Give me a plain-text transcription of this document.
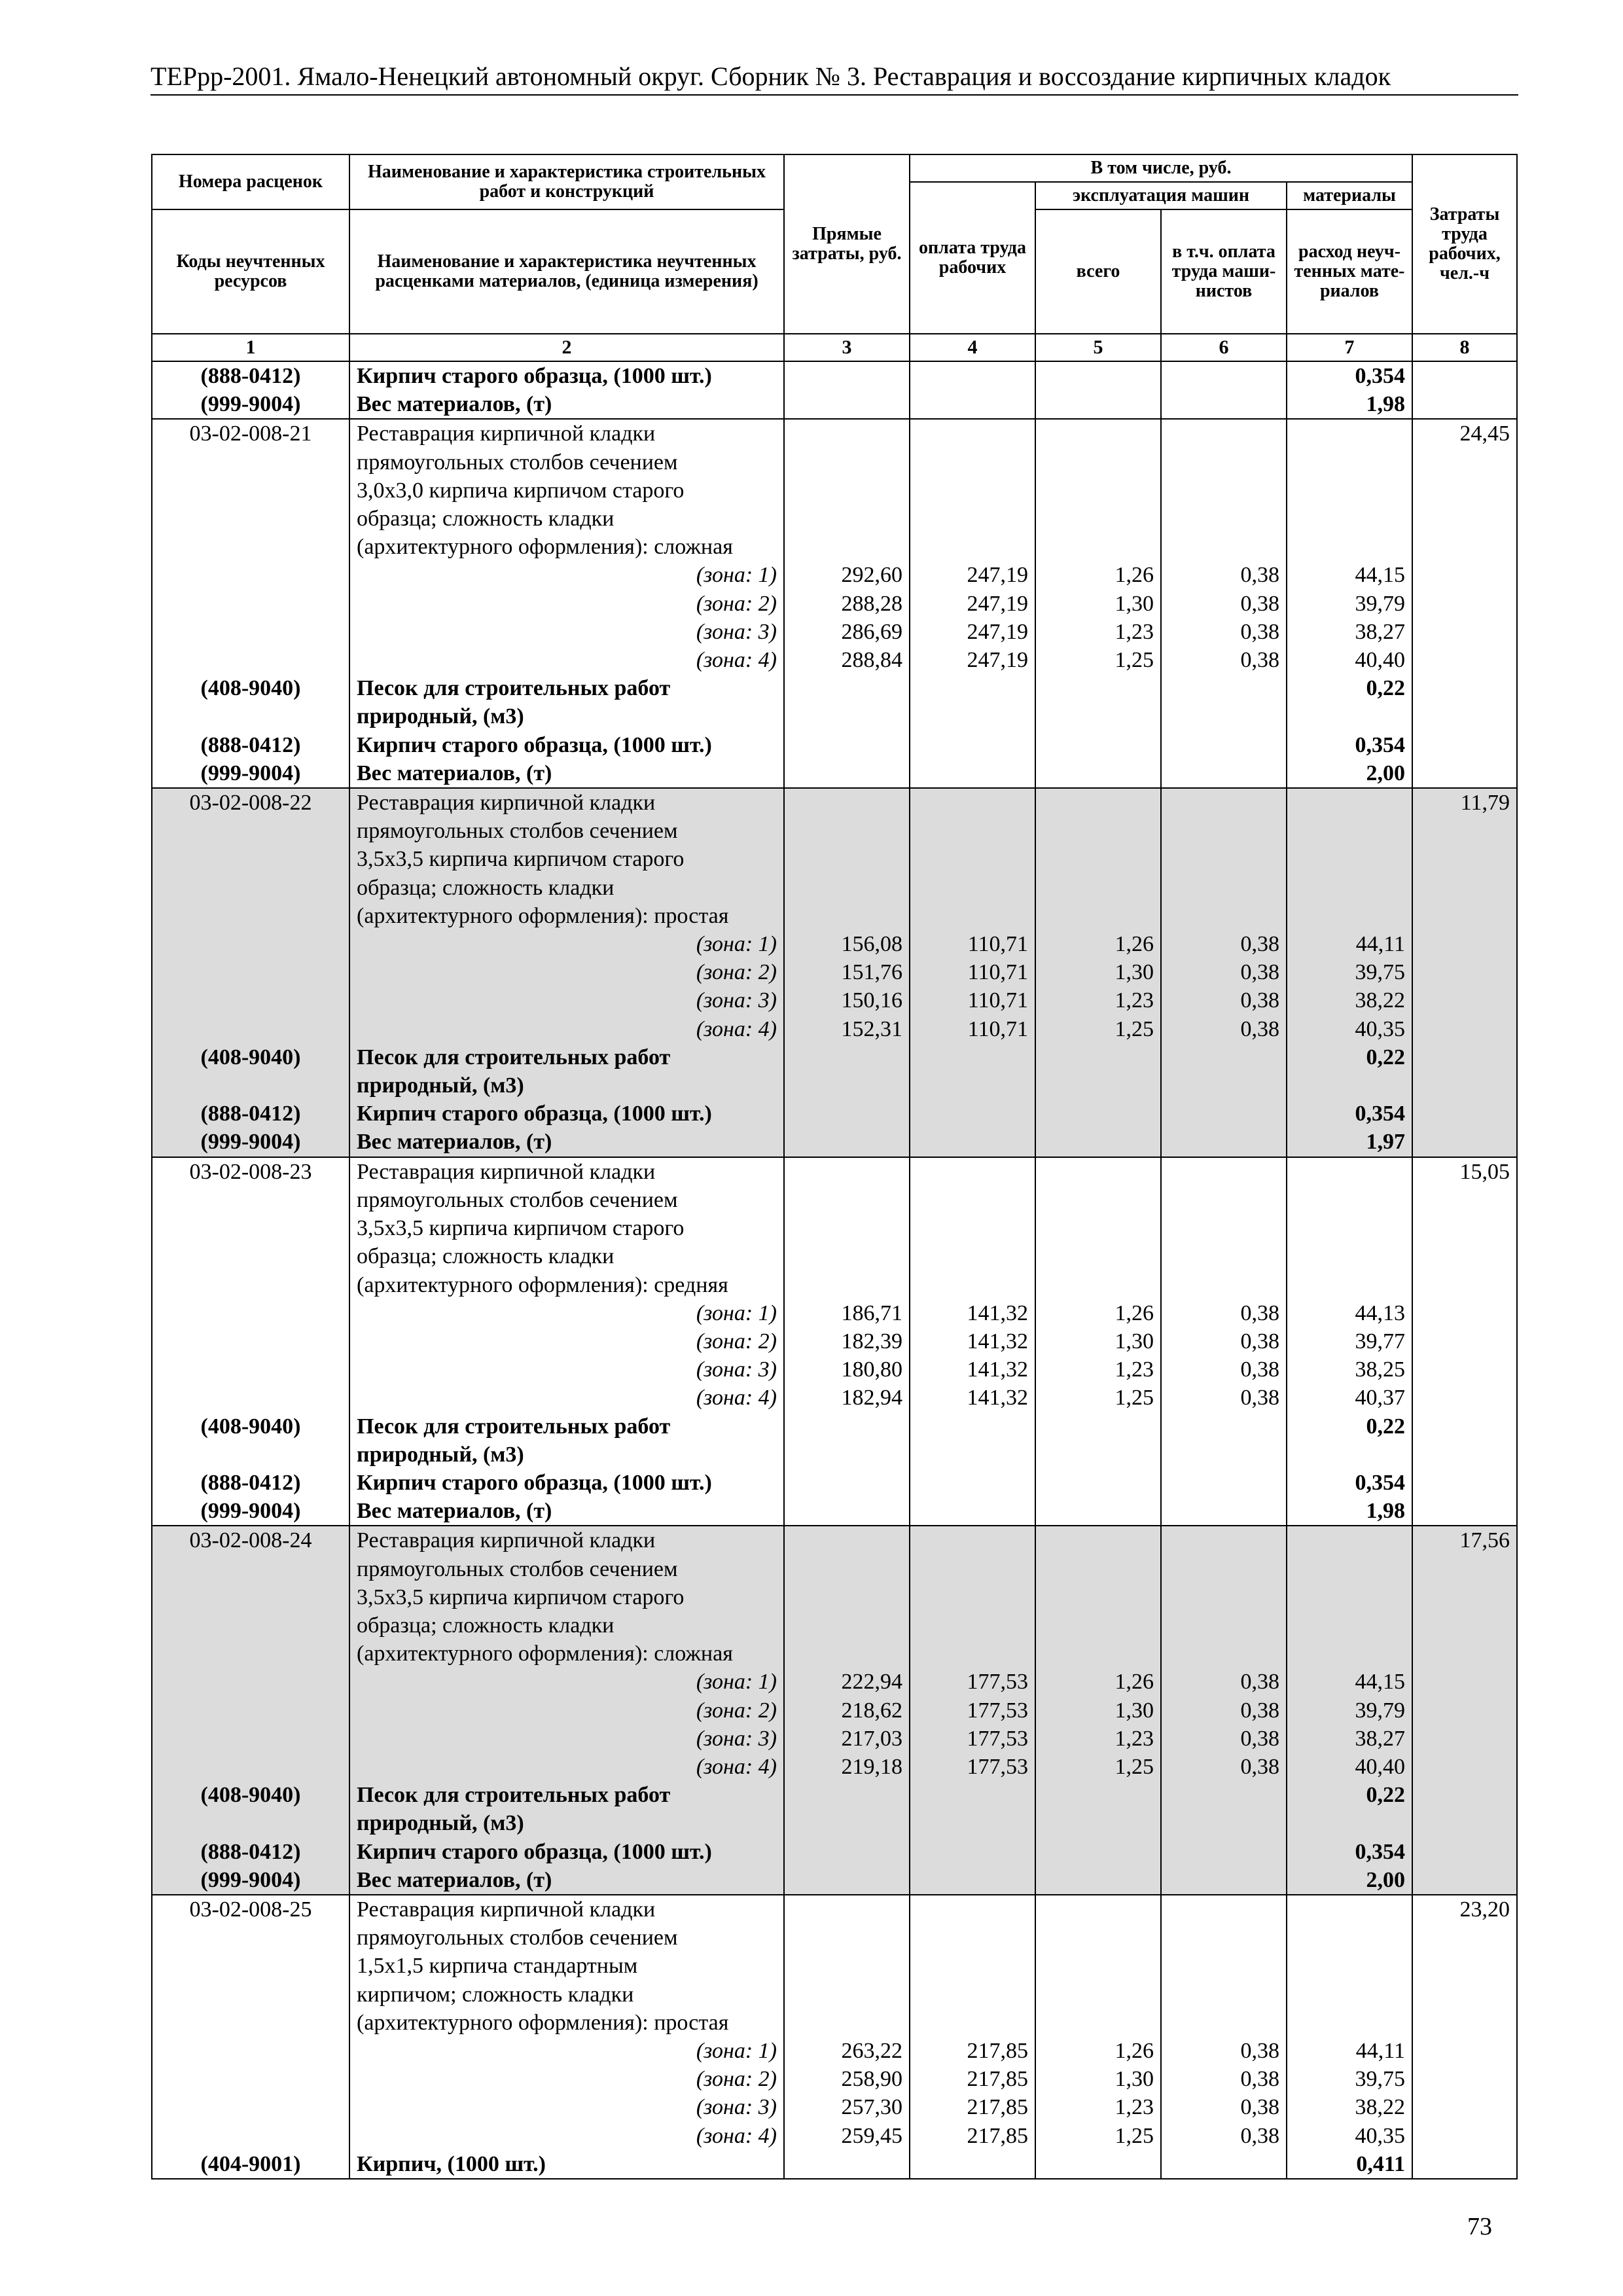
ТЕРрр-2001. Ямало-Ненецкий автономный округ. Сборник № 3. Реставрация и воссоздание кирпичных кладок
Номера расценок	Наименование и характеристика строительных работ и конструкций	Прямые затраты, руб.	В том числе, руб.				Затраты труда рабочих, чел.-ч
			оплата труда рабочих	эксплуатация машин		материалы	
Коды неучтенных ресурсов	Наименование и характеристика неучтенных расценками материалов, (единица измерения)			всего	в т.ч. оплата труда маши-нистов	расход неуч-тенных мате-риалов	
1	2	3	4	5	6	7	8
(888-0412)	Кирпич старого образца, (1000 шт.)					0,354	
(999-9004)	Вес материалов, (т)					1,98	
03-02-008-21	Реставрация кирпичной кладки						24,45
	прямоугольных столбов сечением						
	3,0х3,0 кирпича кирпичом старого						
	образца; сложность кладки						
	(архитектурного оформления): сложная						
	(зона: 1)	292,60	247,19	1,26	0,38	44,15	
	(зона: 2)	288,28	247,19	1,30	0,38	39,79	
	(зона: 3)	286,69	247,19	1,23	0,38	38,27	
	(зона: 4)	288,84	247,19	1,25	0,38	40,40	
(408-9040)	Песок для строительных работ					0,22	
	природный, (м3)						
(888-0412)	Кирпич старого образца, (1000 шт.)					0,354	
(999-9004)	Вес материалов, (т)					2,00	
03-02-008-22	Реставрация кирпичной кладки						11,79
	прямоугольных столбов сечением						
	3,5х3,5 кирпича кирпичом старого						
	образца; сложность кладки						
	(архитектурного оформления): простая						
	(зона: 1)	156,08	110,71	1,26	0,38	44,11	
	(зона: 2)	151,76	110,71	1,30	0,38	39,75	
	(зона: 3)	150,16	110,71	1,23	0,38	38,22	
	(зона: 4)	152,31	110,71	1,25	0,38	40,35	
(408-9040)	Песок для строительных работ					0,22	
	природный, (м3)						
(888-0412)	Кирпич старого образца, (1000 шт.)					0,354	
(999-9004)	Вес материалов, (т)					1,97	
03-02-008-23	Реставрация кирпичной кладки						15,05
	прямоугольных столбов сечением						
	3,5х3,5 кирпича кирпичом старого						
	образца; сложность кладки						
	(архитектурного оформления): средняя						
	(зона: 1)	186,71	141,32	1,26	0,38	44,13	
	(зона: 2)	182,39	141,32	1,30	0,38	39,77	
	(зона: 3)	180,80	141,32	1,23	0,38	38,25	
	(зона: 4)	182,94	141,32	1,25	0,38	40,37	
(408-9040)	Песок для строительных работ					0,22	
	природный, (м3)						
(888-0412)	Кирпич старого образца, (1000 шт.)					0,354	
(999-9004)	Вес материалов, (т)					1,98	
03-02-008-24	Реставрация кирпичной кладки						17,56
	прямоугольных столбов сечением						
	3,5х3,5 кирпича кирпичом старого						
	образца; сложность кладки						
	(архитектурного оформления): сложная						
	(зона: 1)	222,94	177,53	1,26	0,38	44,15	
	(зона: 2)	218,62	177,53	1,30	0,38	39,79	
	(зона: 3)	217,03	177,53	1,23	0,38	38,27	
	(зона: 4)	219,18	177,53	1,25	0,38	40,40	
(408-9040)	Песок для строительных работ					0,22	
	природный, (м3)						
(888-0412)	Кирпич старого образца, (1000 шт.)					0,354	
(999-9004)	Вес материалов, (т)					2,00	
03-02-008-25	Реставрация кирпичной кладки						23,20
	прямоугольных столбов сечением						
	1,5х1,5 кирпича стандартным						
	кирпичом; сложность кладки						
	(архитектурного оформления): простая						
	(зона: 1)	263,22	217,85	1,26	0,38	44,11	
	(зона: 2)	258,90	217,85	1,30	0,38	39,75	
	(зона: 3)	257,30	217,85	1,23	0,38	38,22	
	(зона: 4)	259,45	217,85	1,25	0,38	40,35	
(404-9001)	Кирпич, (1000 шт.)					0,411	
73
